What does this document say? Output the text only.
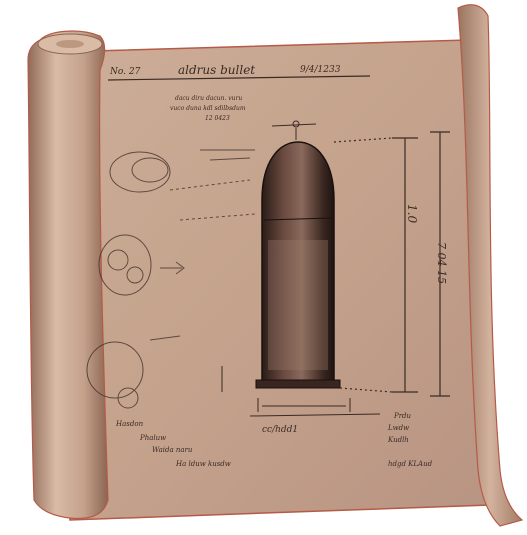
No. 27	aldrus bullet	9/4/1233
dacu diru dacun. vuru
vuco duna kdl sdilbsdum
12 0423
cc/hdd1
1.0
7 04 15
Hasdon
Phaluw
Waida naru
Ha lduw kusdw
Prdu
Lwdw
Kudlh
hdgd KLAud
